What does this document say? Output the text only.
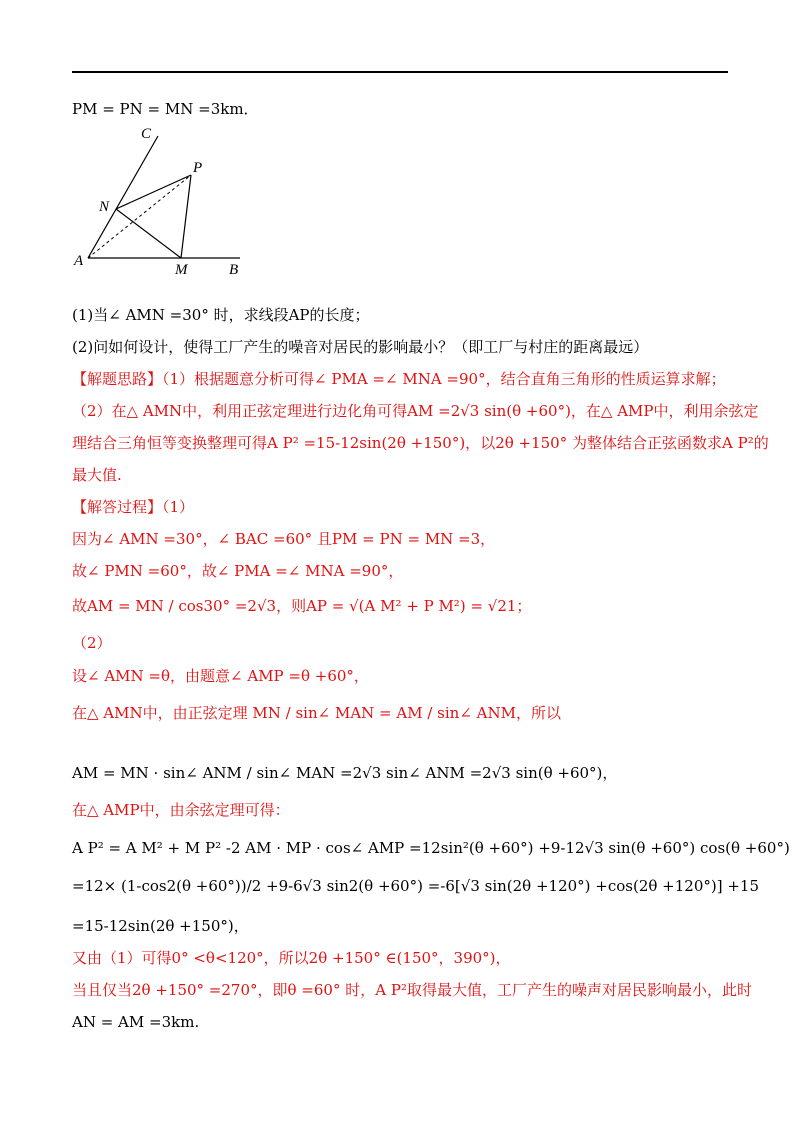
PM = PN = MN =3km．
A
B
C
M
N
P
(1)当∠ AMN =30° 时，求线段AP的长度；
(2)问如何设计，使得工厂产生的噪音对居民的影响最小？（即工厂与村庄的距离最远）
【解题思路】（1）根据题意分析可得∠ PMA =∠ MNA =90°，结合直角三角形的性质运算求解；
（2）在△ AMN中，利用正弦定理进行边化角可得AM =2√3 sin(θ +60°)，在△ AMP中，利用余弦定
理结合三角恒等变换整理可得A P² =15-12sin(2θ +150°)，以2θ +150° 为整体结合正弦函数求A P²的
最大值.
【解答过程】（1）
因为∠ AMN =30°，∠ BAC =60° 且PM = PN = MN =3，
故∠ PMN =60°，故∠ PMA =∠ MNA =90°，
故AM = MN / cos30° =2√3，则AP = √(A M² + P M²) = √21；
（2）
设∠ AMN =θ，由题意∠ AMP =θ +60°，
在△ AMN中，由正弦定理 MN / sin∠ MAN = AM / sin∠ ANM，所以
AM = MN · sin∠ ANM / sin∠ MAN =2√3 sin∠ ANM =2√3 sin(θ +60°)，
在△ AMP中，由余弦定理可得：
A P² = A M² + M P² -2 AM · MP · cos∠ AMP =12sin²(θ +60°) +9-12√3 sin(θ +60°) cos(θ +60°)
=12× (1-cos2(θ +60°))/2 +9-6√3 sin2(θ +60°) =-6[√3 sin(2θ +120°) +cos(2θ +120°)] +15
=15-12sin(2θ +150°)，
又由（1）可得0° <θ<120°，所以2θ +150° ∈(150°，390°)，
当且仅当2θ +150° =270°，即θ =60° 时，A P²取得最大值，工厂产生的噪声对居民影响最小，此时
AN = AM =3km.
